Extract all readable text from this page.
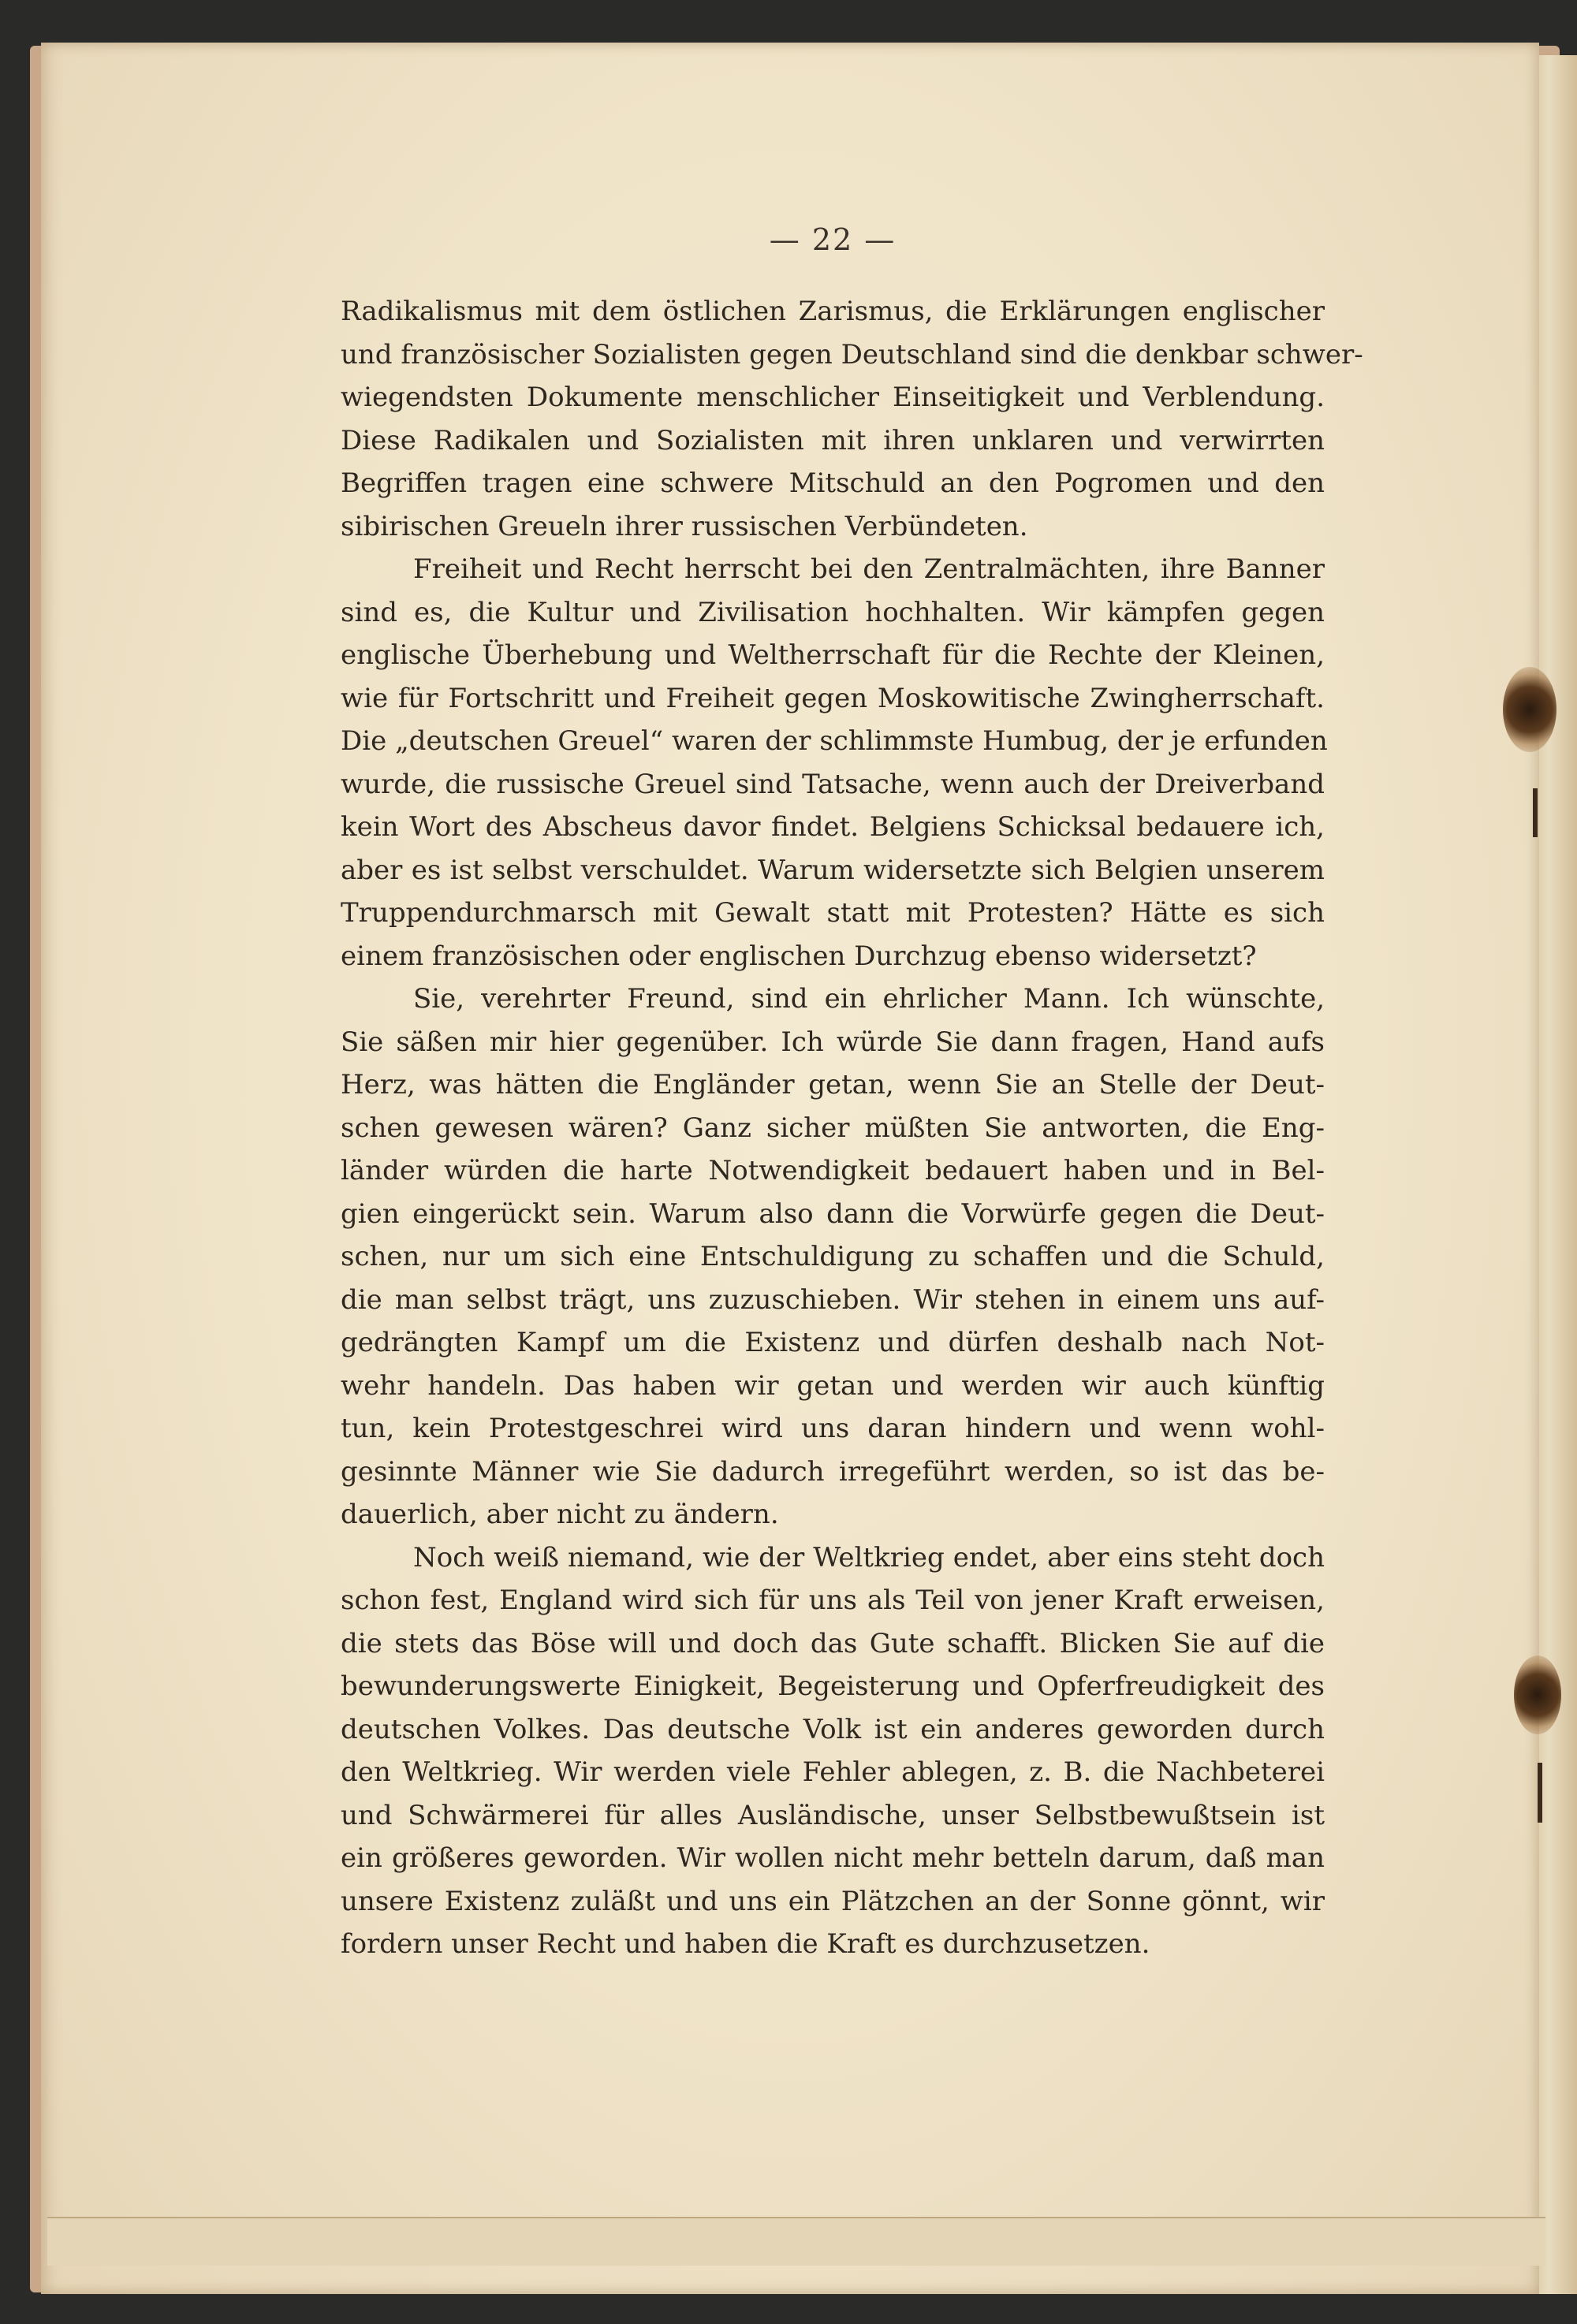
— 22 —
Radikalismus mit dem östlichen Zarismus, die Erklärungen englischer
und französischer Sozialisten gegen Deutschland sind die denkbar schwer-
wiegendsten Dokumente menschlicher Einseitigkeit und Verblendung.
Diese Radikalen und Sozialisten mit ihren unklaren und verwirrten
Begriffen tragen eine schwere Mitschuld an den Pogromen und den
sibirischen Greueln ihrer russischen Verbündeten.
Freiheit und Recht herrscht bei den Zentralmächten, ihre Banner
sind es, die Kultur und Zivilisation hochhalten. Wir kämpfen gegen
englische Überhebung und Weltherrschaft für die Rechte der Kleinen,
wie für Fortschritt und Freiheit gegen Moskowitische Zwingherrschaft.
Die „deutschen Greuel“ waren der schlimmste Humbug, der je erfunden
wurde, die russische Greuel sind Tatsache, wenn auch der Dreiverband
kein Wort des Abscheus davor findet. Belgiens Schicksal bedauere ich,
aber es ist selbst verschuldet. Warum widersetzte sich Belgien unserem
Truppendurchmarsch mit Gewalt statt mit Protesten? Hätte es sich
einem französischen oder englischen Durchzug ebenso widersetzt?
Sie, verehrter Freund, sind ein ehrlicher Mann. Ich wünschte,
Sie säßen mir hier gegenüber. Ich würde Sie dann fragen, Hand aufs
Herz, was hätten die Engländer getan, wenn Sie an Stelle der Deut-
schen gewesen wären? Ganz sicher müßten Sie antworten, die Eng-
länder würden die harte Notwendigkeit bedauert haben und in Bel-
gien eingerückt sein. Warum also dann die Vorwürfe gegen die Deut-
schen, nur um sich eine Entschuldigung zu schaffen und die Schuld,
die man selbst trägt, uns zuzuschieben. Wir stehen in einem uns auf-
gedrängten Kampf um die Existenz und dürfen deshalb nach Not-
wehr handeln. Das haben wir getan und werden wir auch künftig
tun, kein Protestgeschrei wird uns daran hindern und wenn wohl-
gesinnte Männer wie Sie dadurch irregeführt werden, so ist das be-
dauerlich, aber nicht zu ändern.
Noch weiß niemand, wie der Weltkrieg endet, aber eins steht doch
schon fest, England wird sich für uns als Teil von jener Kraft erweisen,
die stets das Böse will und doch das Gute schafft. Blicken Sie auf die
bewunderungswerte Einigkeit, Begeisterung und Opferfreudigkeit des
deutschen Volkes. Das deutsche Volk ist ein anderes geworden durch
den Weltkrieg. Wir werden viele Fehler ablegen, z. B. die Nachbeterei
und Schwärmerei für alles Ausländische, unser Selbstbewußtsein ist
ein größeres geworden. Wir wollen nicht mehr betteln darum, daß man
unsere Existenz zuläßt und uns ein Plätzchen an der Sonne gönnt, wir
fordern unser Recht und haben die Kraft es durchzusetzen.
